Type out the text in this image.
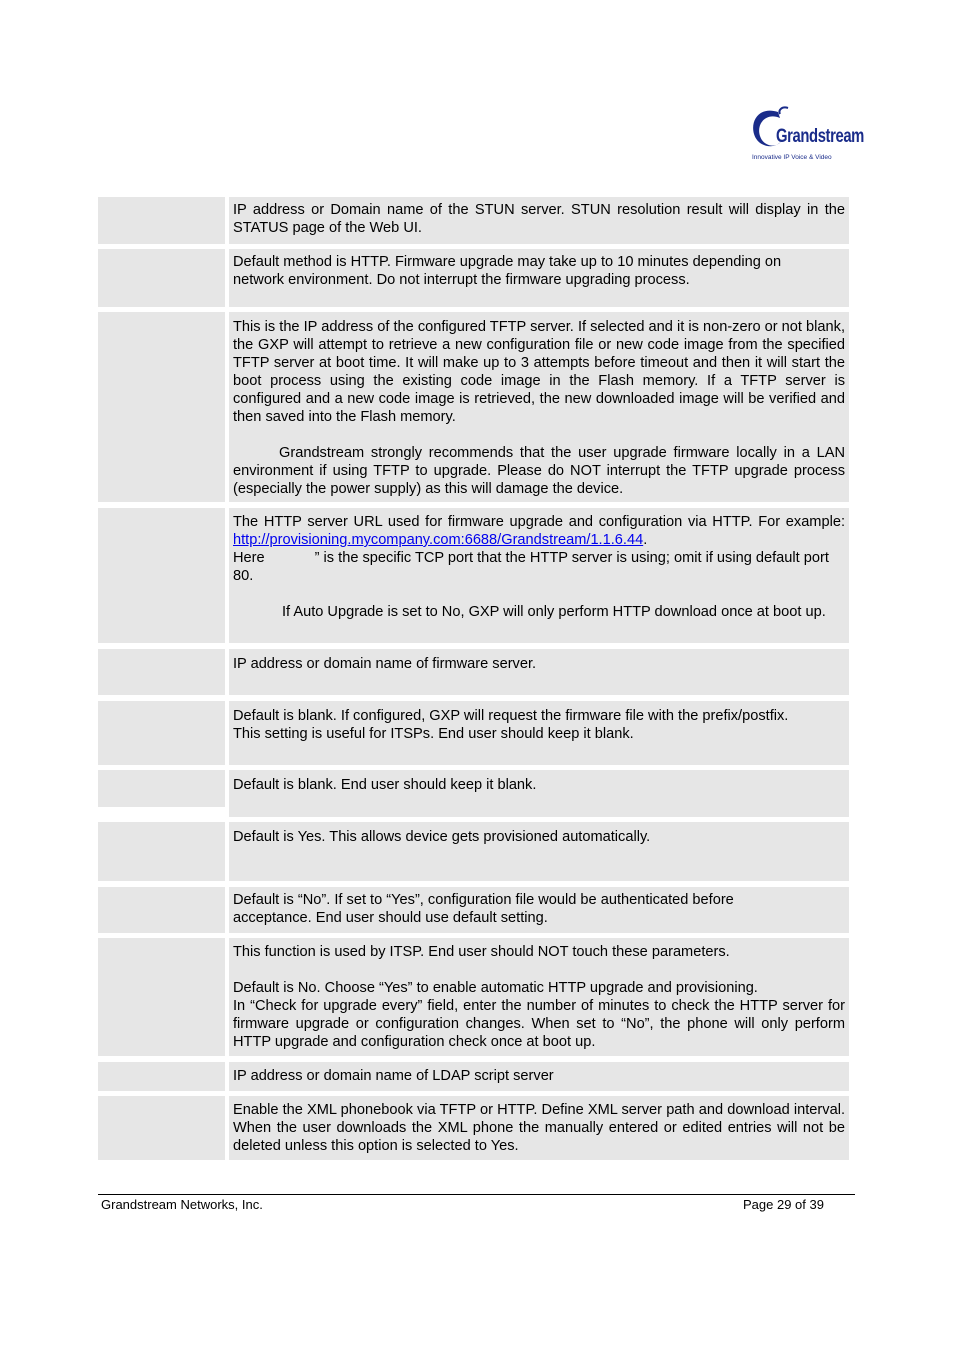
Grandstream
Innovative IP Voice & Video

IP address or Domain name of the STUN server. STUN resolution result will display in the STATUS page of the Web UI.

Default method is HTTP. Firmware upgrade may take up to 10 minutes depending on

network environment. Do not interrupt the firmware upgrading process.

This is the IP address of the configured TFTP server. If selected and it is non-zero or not blank, the GXP will attempt to retrieve a new configuration file or new code image from the specified TFTP server at boot time. It will make up to 3 attempts before timeout and then it will start the boot process using the existing code image in the Flash memory. If a TFTP server is configured and a new code image is retrieved, the new downloaded image will be verified and then saved into the Flash memory.

Grandstream strongly recommends that the user upgrade firmware locally in a LAN environment if using TFTP to upgrade. Please do NOT interrupt the TFTP upgrade process (especially the power supply) as this will damage the device.

The HTTP server URL used for firmware upgrade and configuration via HTTP. For example: http://provisioning.mycompany.com:6688/Grandstream/1.1.6.44.

Here	” is the specific TCP port that the HTTP server is using; omit if using default port 80.

If Auto Upgrade is set to No, GXP will only perform HTTP download once at boot up.

IP address or domain name of firmware server.

Default is blank. If configured, GXP will request the firmware file with the prefix/postfix.

This setting is useful for ITSPs. End user should keep it blank.

Default is blank. End user should keep it blank.

Default is Yes. This allows device gets provisioned automatically.

Default is “No”. If set to “Yes”, configuration file would be authenticated before

acceptance. End user should use default setting.

This function is used by ITSP. End user should NOT touch these parameters.

Default is No. Choose “Yes” to enable automatic HTTP upgrade and provisioning.

In “Check for upgrade every” field, enter the number of minutes to check the HTTP server for firmware upgrade or configuration changes. When set to “No”, the phone will only perform HTTP upgrade and configuration check once at boot up.

IP address or domain name of LDAP script server

Enable the XML phonebook via TFTP or HTTP. Define XML server path and download interval. When the user downloads the XML phone the manually entered or edited entries will not be deleted unless this option is selected to Yes.

Grandstream Networks, Inc.	Page 29 of 39
